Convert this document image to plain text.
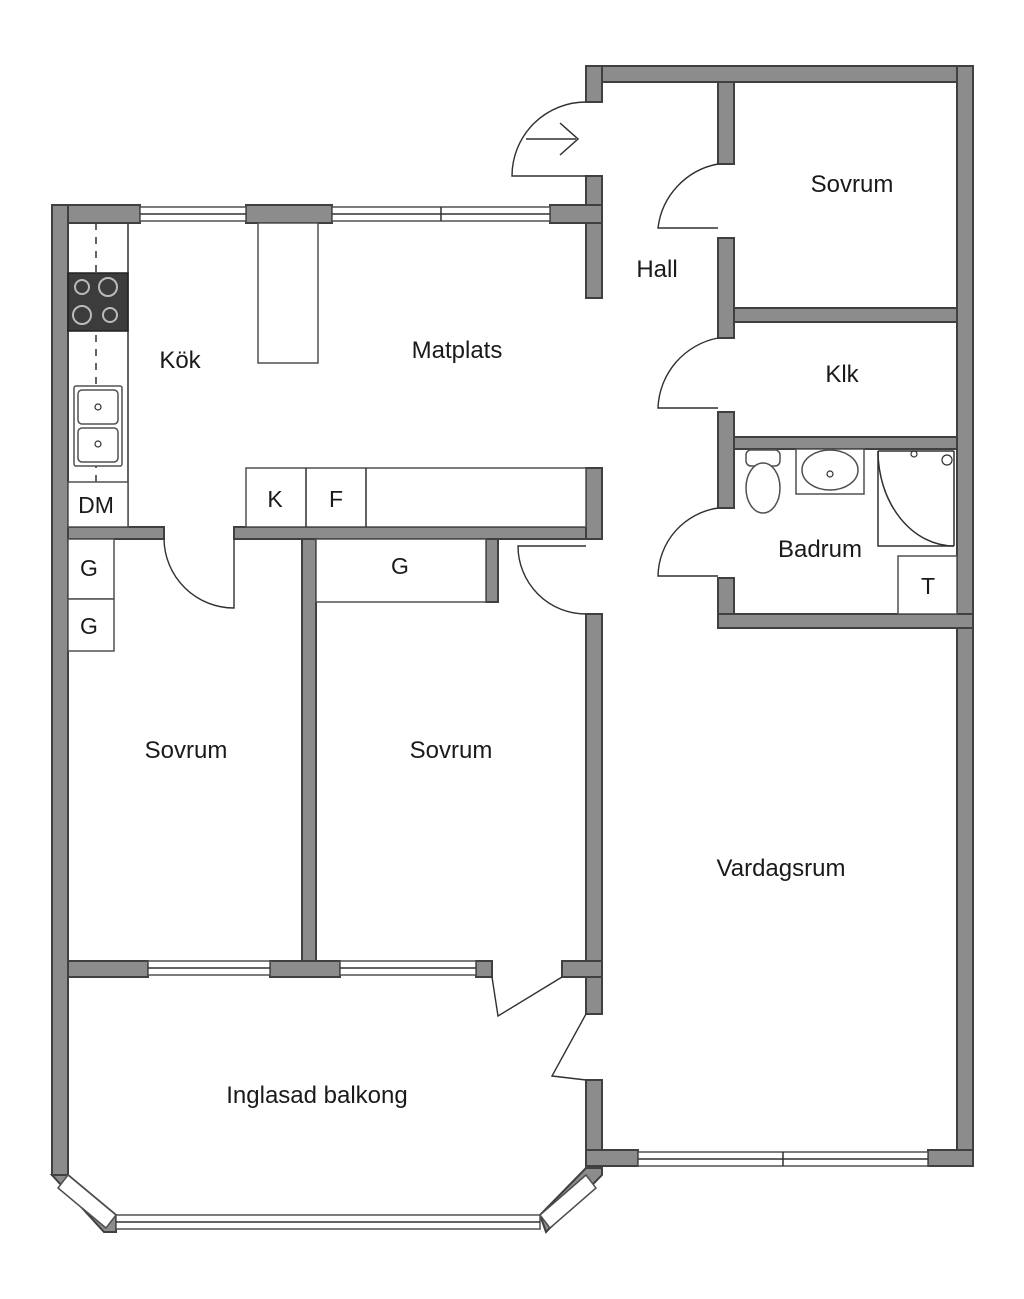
Kök	Matplats
Hall
Sovrum
Klk
Badrum
Sovrum	Sovrum
Vardagsrum
Inglasad balkong
DM	K F
G
G
G
T
